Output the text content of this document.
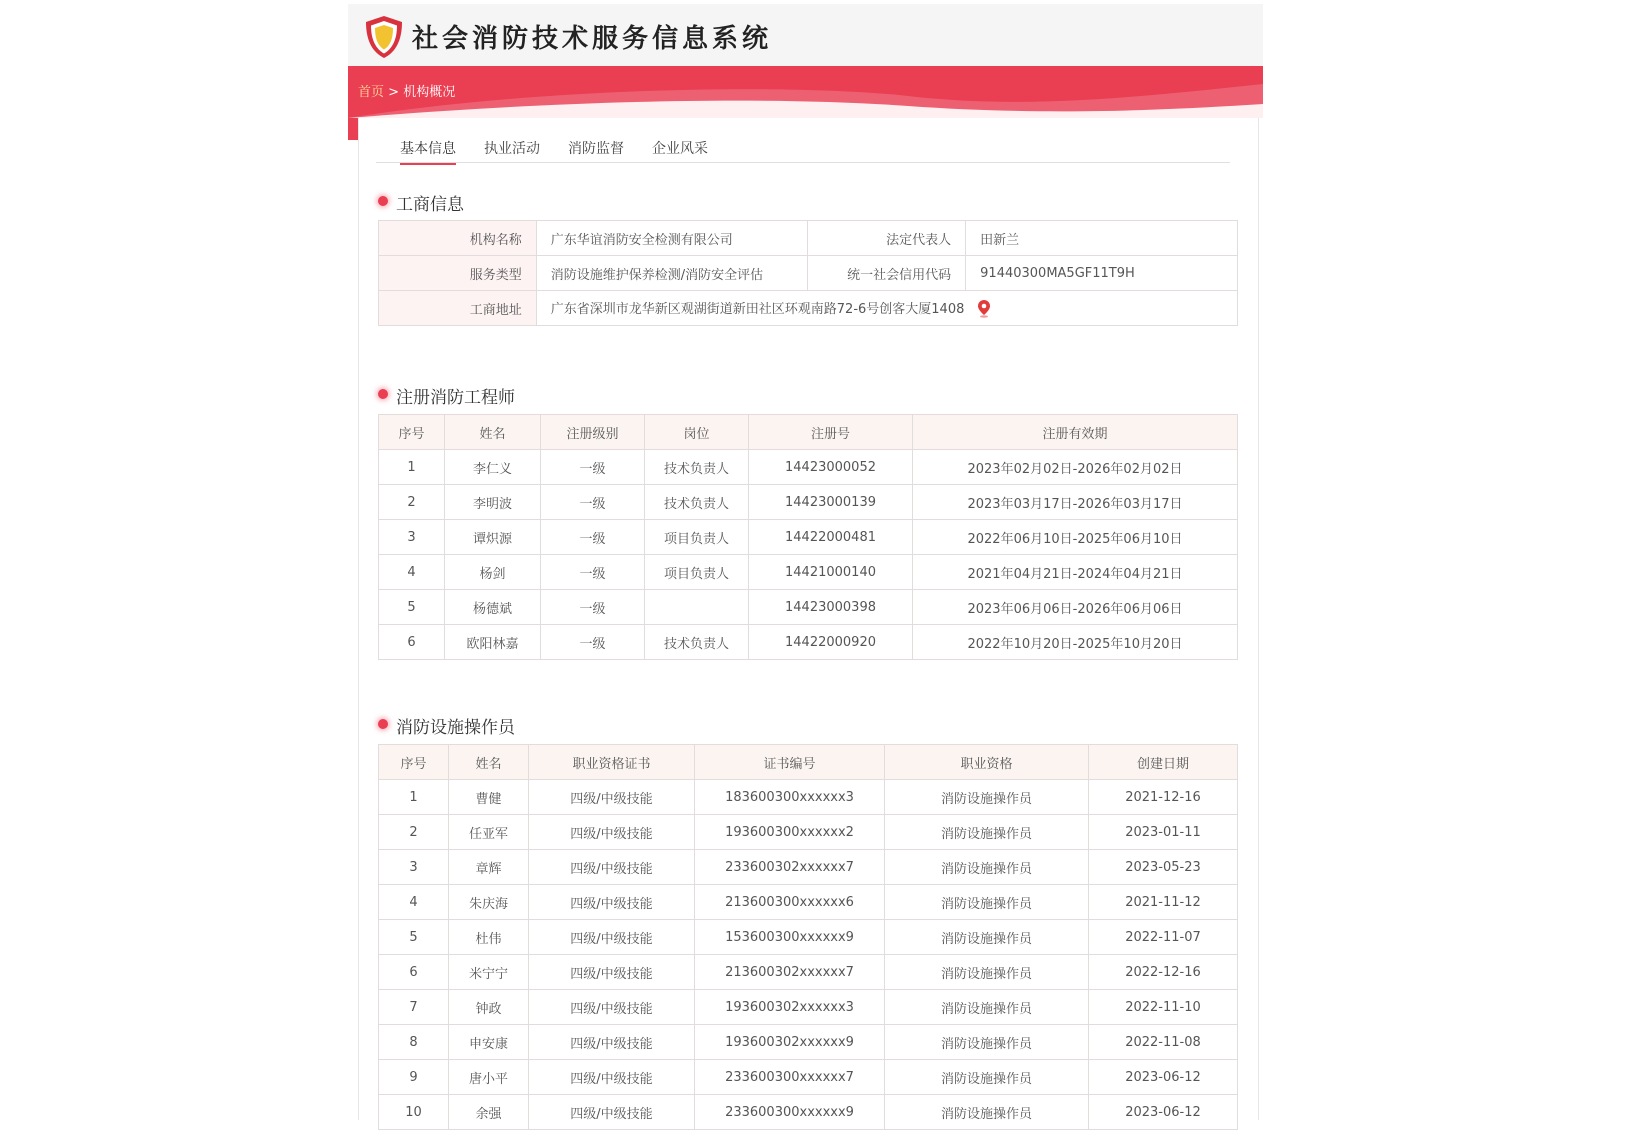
社会消防技术服务信息系统
首页 > 机构概况
基本信息 执业活动 消防监督 企业风采
工商信息
机构名称	广东华谊消防安全检测有限公司	法定代表人	田新兰
服务类型	消防设施维护保养检测/消防安全评估	统一社会信用代码	91440300MA5GF11T9H
工商地址	广东省深圳市龙华新区观湖街道新田社区环观南路72-6号创客大厦1408		
注册消防工程师
序号	姓名	注册级别	岗位	注册号	注册有效期
1	李仁义	一级	技术负责人	14423000052	2023年02月02日-2026年02月02日
2	李明波	一级	技术负责人	14423000139	2023年03月17日-2026年03月17日
3	谭炽源	一级	项目负责人	14422000481	2022年06月10日-2025年06月10日
4	杨剑	一级	项目负责人	14421000140	2021年04月21日-2024年04月21日
5	杨德斌	一级		14423000398	2023年06月06日-2026年06月06日
6	欧阳林嘉	一级	技术负责人	14422000920	2022年10月20日-2025年10月20日
消防设施操作员
序号	姓名	职业资格证书	证书编号	职业资格	创建日期
1	曹健	四级/中级技能	183600300xxxxxx3	消防设施操作员	2021-12-16
2	任亚军	四级/中级技能	193600300xxxxxx2	消防设施操作员	2023-01-11
3	章辉	四级/中级技能	233600302xxxxxx7	消防设施操作员	2023-05-23
4	朱庆海	四级/中级技能	213600300xxxxxx6	消防设施操作员	2021-11-12
5	杜伟	四级/中级技能	153600300xxxxxx9	消防设施操作员	2022-11-07
6	米宁宁	四级/中级技能	213600302xxxxxx7	消防设施操作员	2022-12-16
7	钟政	四级/中级技能	193600302xxxxxx3	消防设施操作员	2022-11-10
8	申安康	四级/中级技能	193600302xxxxxx9	消防设施操作员	2022-11-08
9	唐小平	四级/中级技能	233600300xxxxxx7	消防设施操作员	2023-06-12
10	余强	四级/中级技能	233600300xxxxxx9	消防设施操作员	2023-06-12
